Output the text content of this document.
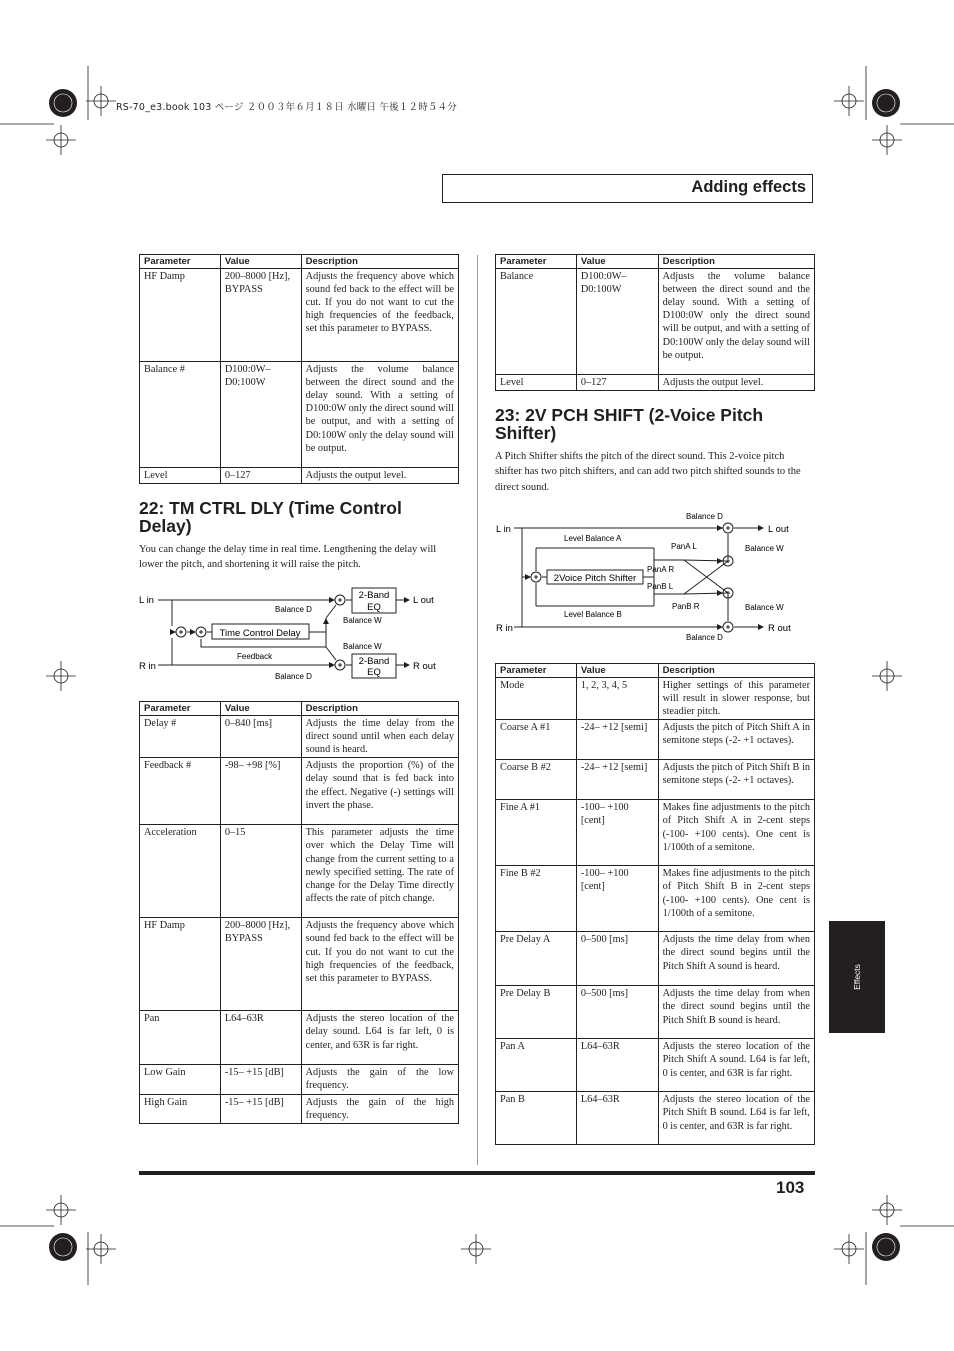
RS-70_e3.book 103 ページ ２００３年６月１８日 水曜日 午後１２時５４分
Adding effects
Parameter	Value	Description
HF Damp	200–8000 [Hz], BYPASS	Adjusts the frequency above which sound fed back to the effect will be cut. If you do not want to cut the high frequencies of the feedback, set this parameter to BYPASS.
Balance #	D100:0W–D0:100W	Adjusts the volume balance between the direct sound and the delay sound. With a setting of D100:0W only the direct sound will be output, and with a setting of D0:100W only the delay sound will be output.
Level	0–127	Adjusts the output level.
22: TM CTRL DLY (Time Control
Delay)
You can change the delay time in real time. Lengthening the delay will lower the pitch, and shortening it will raise the pitch.
L in
R in
L out
R out
2-Band
EQ
2-Band
EQ
Time Control Delay
Balance D
Balance W
Balance W
Balance D
Feedback
Parameter	Value	Description
Delay #	0–840 [ms]	Adjusts the time delay from the direct sound until when each delay sound is heard.
Feedback #	-98– +98 [%]	Adjusts the proportion (%) of the delay sound that is fed back into the effect. Negative (-) settings will invert the phase.
Acceleration	0–15	This parameter adjusts the time over which the Delay Time will change from the current setting to a newly specified setting. The rate of change for the Delay Time directly affects the rate of pitch change.
HF Damp	200–8000 [Hz], BYPASS	Adjusts the frequency above which sound fed back to the effect will be cut. If you do not want to cut the high frequencies of the feedback, set this parameter to BYPASS.
Pan	L64–63R	Adjusts the stereo location of the delay sound. L64 is far left, 0 is center, and 63R is far right.
Low Gain	-15– +15 [dB]	Adjusts the gain of the low frequency.
High Gain	-15– +15 [dB]	Adjusts the gain of the high frequency.
Parameter	Value	Description
Balance	D100:0W–D0:100W	Adjusts the volume balance between the direct sound and the delay sound. With a setting of D100:0W only the direct sound will be output, and with a setting of D0:100W only the delay sound will be output.
Level	0–127	Adjusts the output level.
23: 2V PCH SHIFT (2-Voice Pitch
Shifter)
A Pitch Shifter shifts the pitch of the direct sound. This 2-voice pitch shifter has two pitch shifters, and can add two pitch shifted sounds to the direct sound.
L in
R in
L out
R out
Balance D
Balance D
Balance W
Balance W
Level Balance A
Level Balance B
2Voice Pitch Shifter
PanA L
PanA R
PanB L
PanB R
Parameter	Value	Description
Mode	1, 2, 3, 4, 5	Higher settings of this parameter will result in slower response, but steadier pitch.
Coarse A #1	-24– +12 [semi]	Adjusts the pitch of Pitch Shift A in semitone steps (-2- +1 octaves).
Coarse B #2	-24– +12 [semi]	Adjusts the pitch of Pitch Shift B in semitone steps (-2- +1 octaves).
Fine A #1	-100– +100 [cent]	Makes fine adjustments to the pitch of Pitch Shift A in 2-cent steps (-100- +100 cents). One cent is 1/100th of a semitone.
Fine B #2	-100– +100 [cent]	Makes fine adjustments to the pitch of Pitch Shift B in 2-cent steps (-100- +100 cents). One cent is 1/100th of a semitone.
Pre Delay A	0–500 [ms]	Adjusts the time delay from when the direct sound begins until the Pitch Shift A sound is heard.
Pre Delay B	0–500 [ms]	Adjusts the time delay from when the direct sound begins until the Pitch Shift B sound is heard.
Pan A	L64–63R	Adjusts the stereo location of the Pitch Shift A sound. L64 is far left, 0 is center, and 63R is far right.
Pan B	L64–63R	Adjusts the stereo location of the Pitch Shift B sound. L64 is far left, 0 is center, and 63R is far right.
Effects
103
